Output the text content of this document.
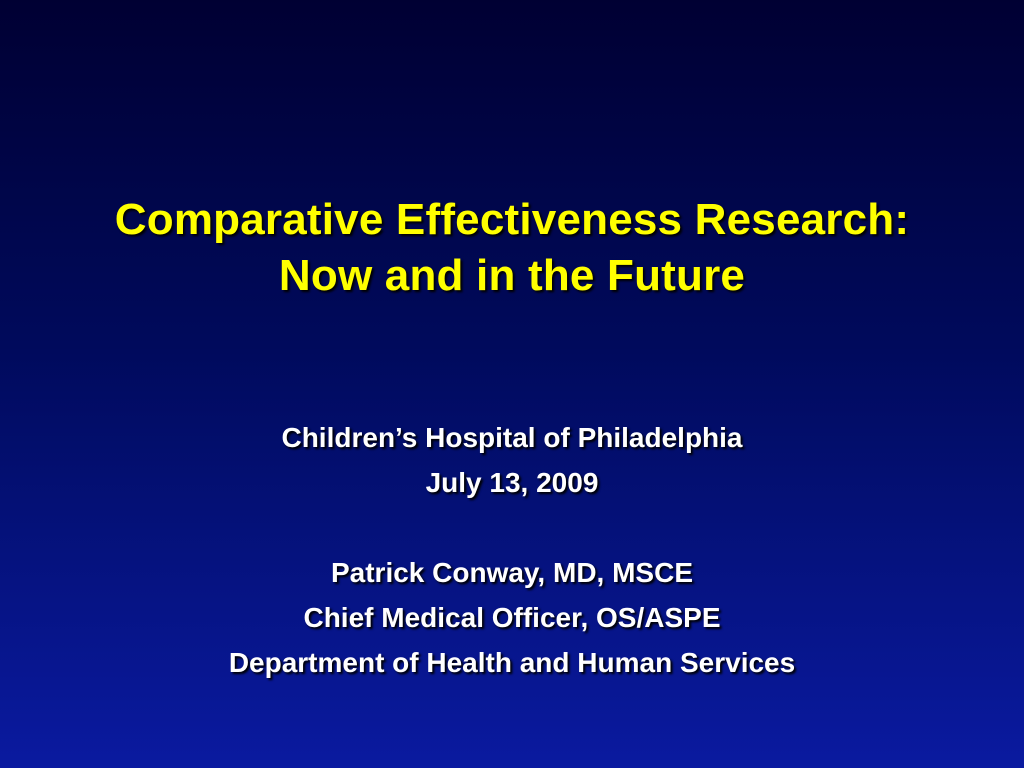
Comparative Effectiveness Research:
Now and in the Future
Children’s Hospital of Philadelphia
July 13, 2009
Patrick Conway, MD, MSCE
Chief Medical Officer, OS/ASPE
Department of Health and Human Services
